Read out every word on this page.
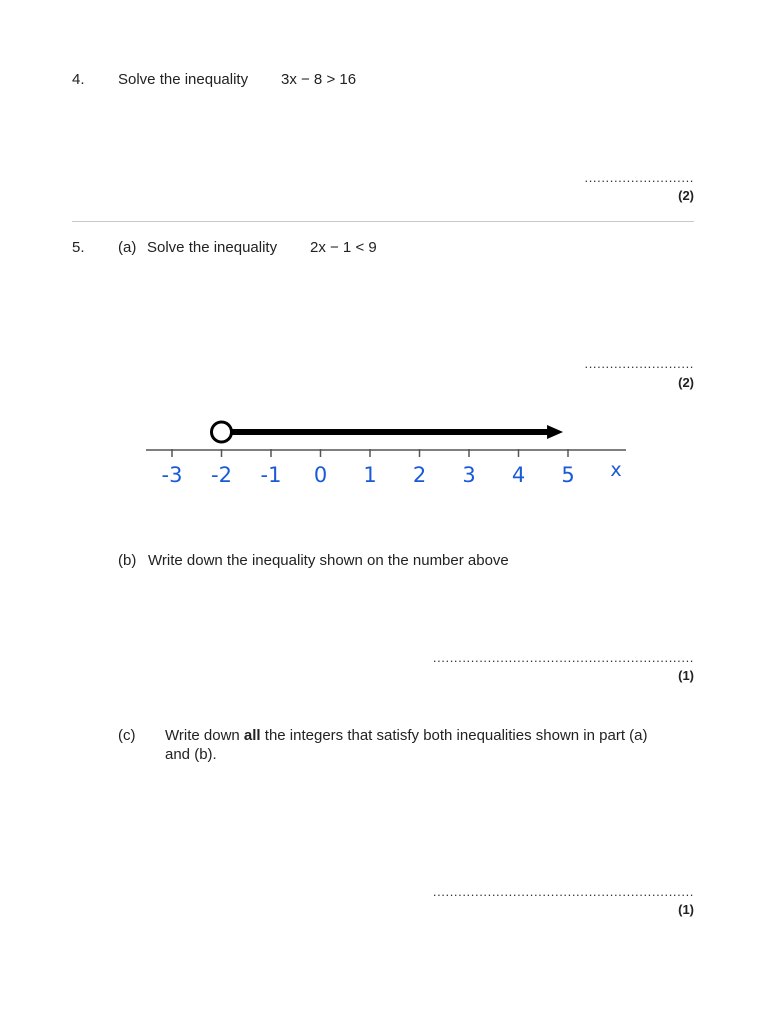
4. Solve the inequality 3x − 8 > 16
..........................
(2)
5. (a) Solve the inequality 2x − 1 < 9
..........................
(2)
-3 -2 -1 0 1 2 3 4 5 x
(b) Write down the inequality shown on the number above
..............................................................
(1)
(c) Write down all the integers that satisfy both inequalities shown in part (a)
and (b).
..............................................................
(1)
